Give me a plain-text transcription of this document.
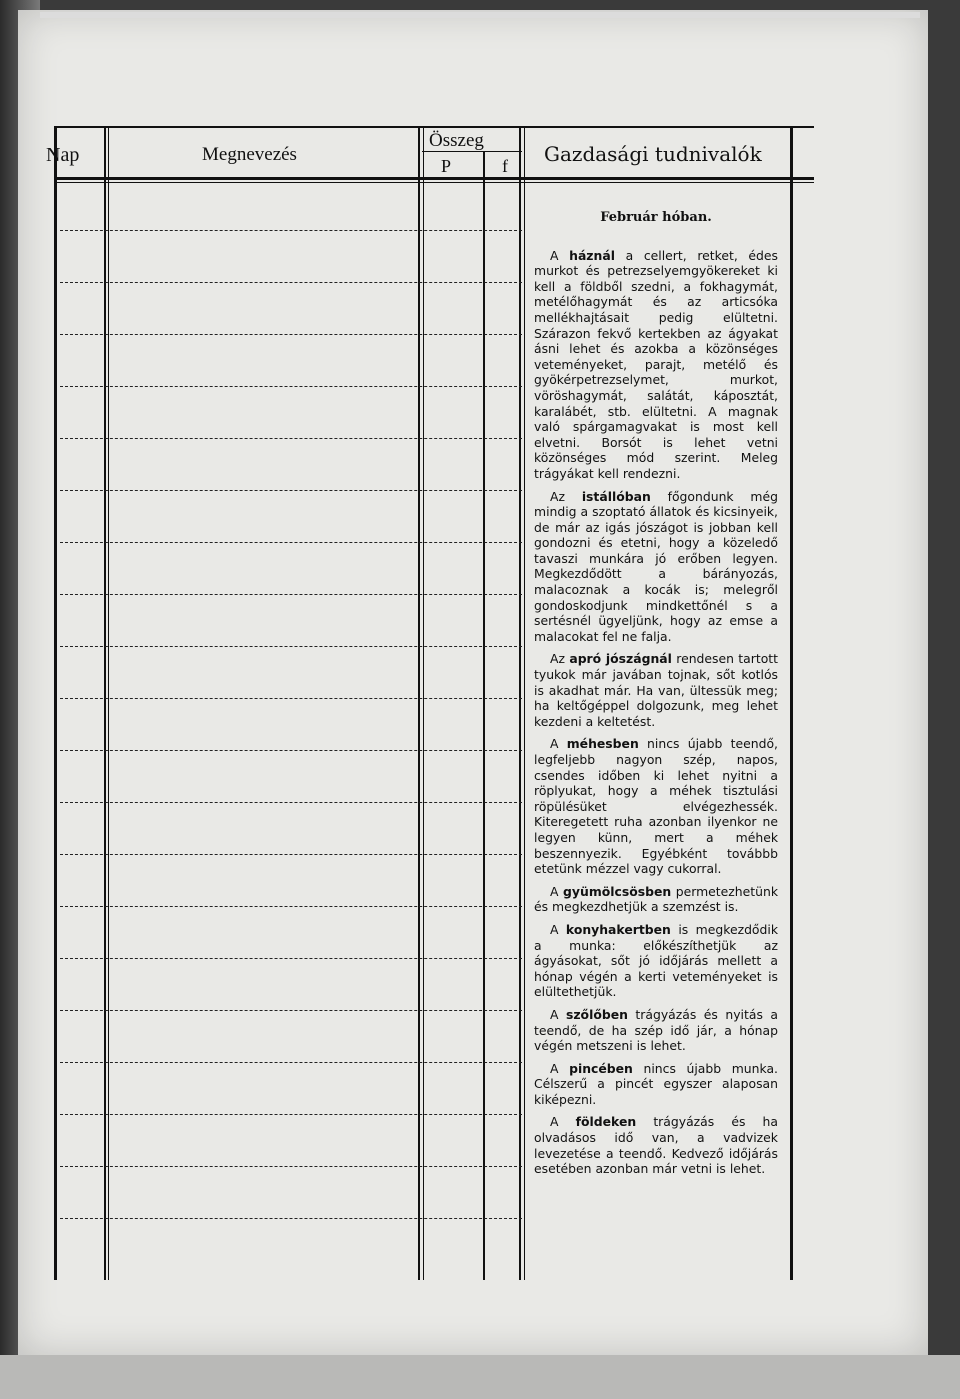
Nap	Megnevezés
Összeg
P	f Gazdasági tudnivalók
Február hóban.

A háznál a cellert, retket, édes murkot és petrezselyemgyökereket ki kell a földből szedni, a fokhagymát, metélőhagymát és az articsóka mellékhajtásait pedig elültetni. Szárazon fekvő kertekben az ágyakat ásni lehet és azokba a közönséges veteményeket, parajt, metélő és gyökérpetrezselymet, murkot, vöröshagymát, salátát, káposztát, karalábét, stb. elültetni. A magnak való spárgamagvakat is most kell elvetni. Borsót is lehet vetni közönséges mód szerint. Meleg trágyákat kell rendezni.

Az istállóban főgondunk még mindig a szoptató állatok és kicsinyeik, de már az igás jószágot is jobban kell gondozni és etetni, hogy a közeledő tavaszi munkára jó erőben legyen. Megkezdődött a bárányozás, malacoznak a kocák is; melegről gondoskodjunk mindkettőnél s a sertésnél ügyeljünk, hogy az emse a malacokat fel ne falja.

Az apró jószágnál rendesen tartott tyukok már javában tojnak, sőt kotlós is akadhat már. Ha van, ültessük meg; ha keltőgéppel dolgozunk, meg lehet kezdeni a keltetést.

A méhesben nincs újabb teendő, legfeljebb nagyon szép, napos, csendes időben ki lehet nyitni a röplyukat, hogy a méhek tisztulási röpülésüket elvégezhessék. Kiteregetett ruha azonban ilyenkor ne legyen künn, mert a méhek beszennyezik. Egyébként továbbb etetünk mézzel vagy cukorral.

A gyümölcsösben permetezhetünk és megkezdhetjük a szemzést is.

A konyhakertben is megkezdődik a munka: előkészíthetjük az ágyásokat, sőt jó időjárás mellett a hónap végén a kerti veteményeket is elültethetjük.

A szőlőben trágyázás és nyitás a teendő, de ha szép idő jár, a hónap végén metszeni is lehet.

A pincében nincs újabb munka. Célszerű a pincét egyszer alaposan kiképezni.

A földeken trágyázás és ha olvadásos idő van, a vadvizek levezetése a teendő. Kedvező időjárás esetében azonban már vetni is lehet.
